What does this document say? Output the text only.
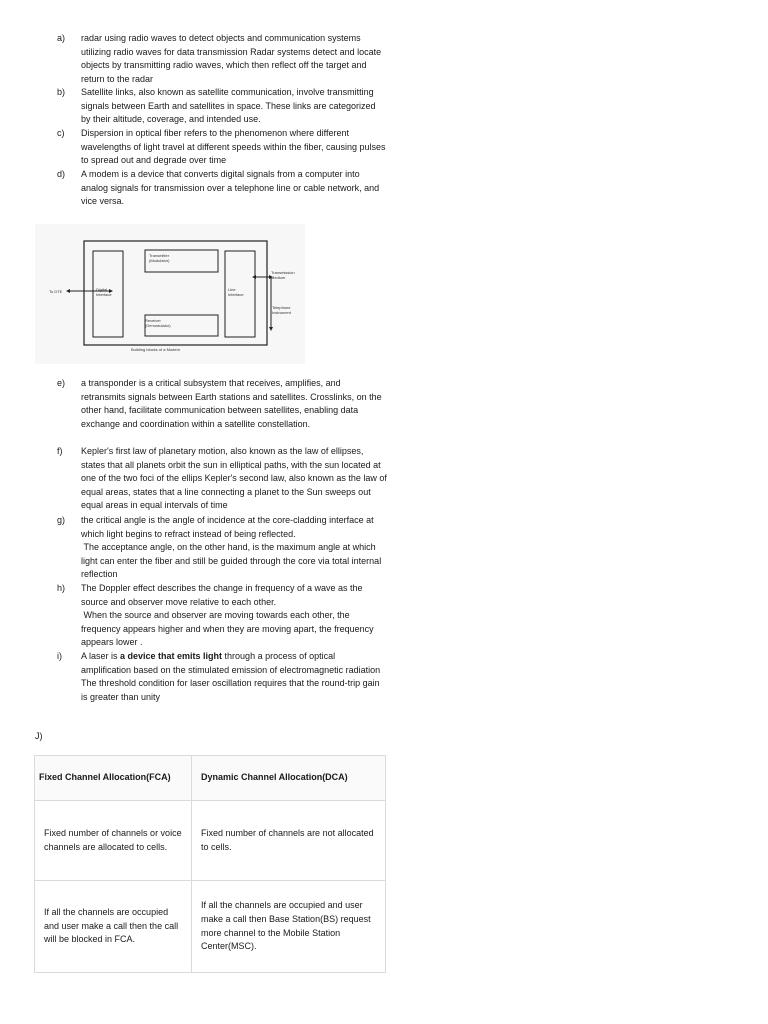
a)	radar using radio waves to detect objects and communication systems utilizing radio waves for data transmission Radar systems detect and locate objects by transmitting radio waves, which then reflect off the target and return to the radar

b)	Satellite links, also known as satellite communication, involve transmitting signals between Earth and satellites in space. These links are categorized by their altitude, coverage, and intended use.

c)	Dispersion in optical fiber refers to the phenomenon where different wavelengths of light travel at different speeds within the fiber, causing pulses to spread out and degrade over time

d)	A modem is a device that converts digital signals from a computer into analog signals for transmission over a telephone line or cable network, and vice versa.

To DTE	Digital
Interface
Transmitter
(Modulator)
Receiver
(Demodulator)
Line
Interface
Transmission
Medium
Telephone
Instrument
Building blocks of a Modem
e)	a transponder is a critical subsystem that receives, amplifies, and retransmits signals between Earth stations and satellites. Crosslinks, on the other hand, facilitate communication between satellites, enabling data exchange and coordination within a satellite constellation.

f)	Kepler's first law of planetary motion, also known as the law of ellipses, states that all planets orbit the sun in elliptical paths, with the sun located at one of the two foci of the ellips Kepler's second law, also known as the law of equal areas, states that a line connecting a planet to the Sun sweeps out equal areas in equal intervals of time

g)	the critical angle is the angle of incidence at the core-cladding interface at which light begins to refract instead of being reflected.

The acceptance angle, on the other hand, is the maximum angle at which light can enter the fiber and still be guided through the core via total internal reflection

h)	The Doppler effect describes the change in frequency of a wave as the source and observer move relative to each other.

When the source and observer are moving towards each other, the frequency appears higher and when they are moving apart, the frequency appears lower .

i)	A laser is a device that emits light through a process of optical amplification based on the stimulated emission of electromagnetic radiation

The threshold condition for laser oscillation requires that the round-trip gain is greater than unity

J)
Fixed Channel Allocation(FCA)	Dynamic Channel Allocation(DCA)
Fixed number of channels or voice channels are allocated to cells.	Fixed number of channels are not allocated to cells.
If all the channels are occupied and user make a call then the call will be blocked in FCA.	If all the channels are occupied and user make a call then Base Station(BS) request more channel to the Mobile Station Center(MSC).
